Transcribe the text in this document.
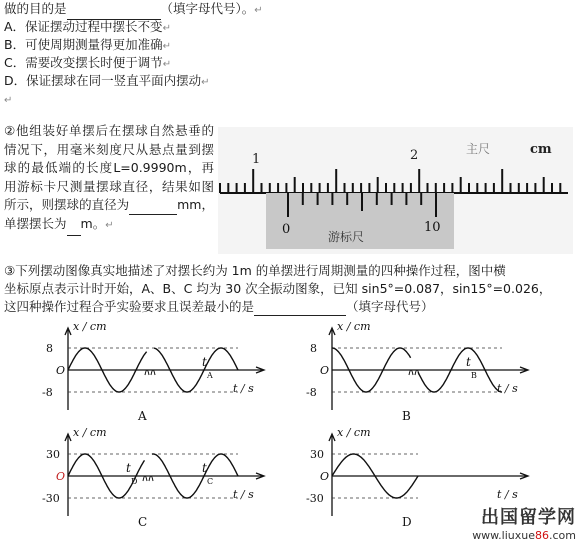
做的目的是	（填字母代号）。↵
A．保证摆动过程中摆长不变↵
B．可使周期测量得更加准确↵
C．需要改变摆长时便于调节↵
D．保证摆球在同一竖直平面内摆动↵
↵
②他组装好单摆后在摆球自然悬垂的情况下，用毫米刻度尺从悬点量到摆球的最低端的长度L=0.9990m，再用游标卡尺测量摆球直径，结果如图所示，则摆球的直径为	mm，单摆摆长为 m。↵
1	2	主尺	cm
0	10
游标尺
③下列摆动图像真实地描述了对摆长约为 1m 的单摆进行周期测量的四种操作过程，图中横
坐标原点表示计时开始，A、B、C 均为 30 次全振动图象，已知 sin5°=0.087，sin15°=0.026，
这四种操作过程合乎实验要求且误差最小的是	（填字母代号）
x / cm
8
-8
O
t
A
t / s
A
x / cm
8
-8
O
t
B
t / s
B
x / cm
30
-30
O
t
C
t / s
C
x / cm
30
-30
O
t
D
t / s
D	出国留学网
www.liuxue86.com
